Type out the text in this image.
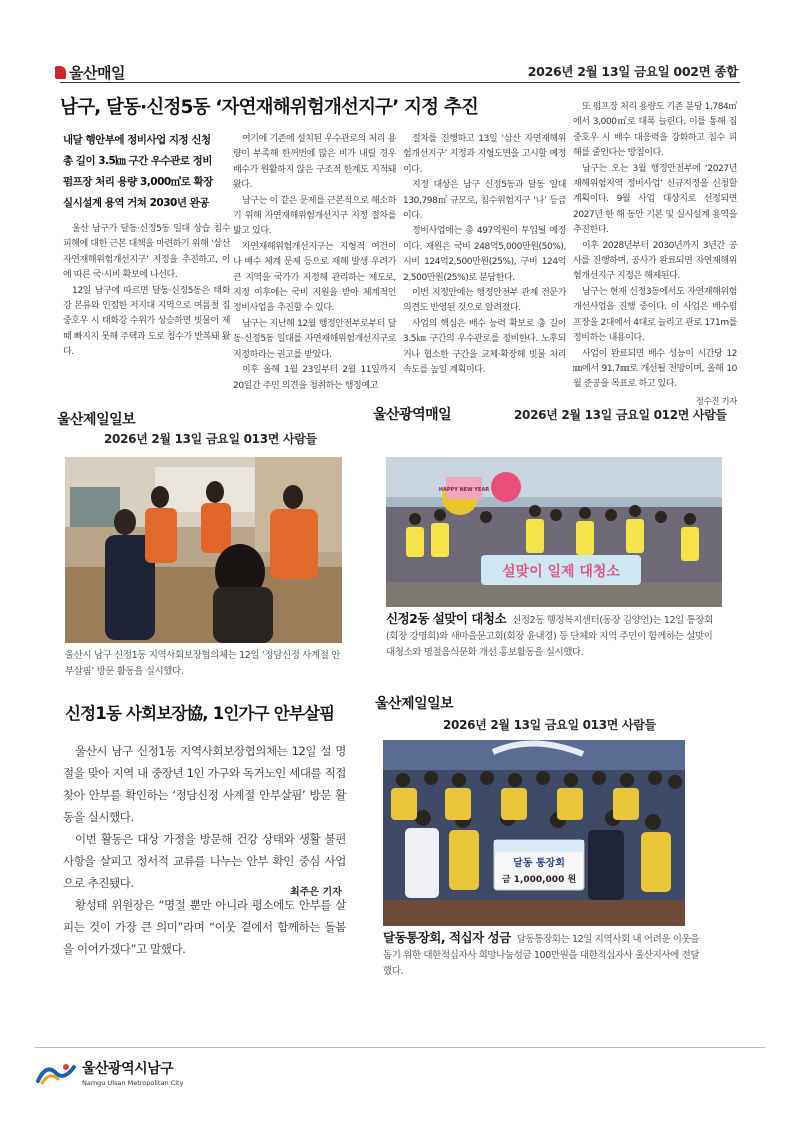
울산매일	2026년 2월 13일 금요일 002면 종합
남구, 달동·신정5동 ‘자연재해위험개선지구’ 지정 추진
내달 행안부에 정비사업 지정 신청
총 길이 3.5㎞ 구간 우수관로 정비
펌프장 처리 용량 3,000㎥로 확장
실시설계 용역 거쳐 2030년 완공

울산 남구가 달동·신정5동 일대 상습 침수 피해에 대한 근본 대책을 마련하기 위해 ‘삼산 자연재해위험개선지구’ 지정을 추진하고, 이에 따른 국·시비 확보에 나선다.

12일 남구에 따르면 달동·신정5동은 태화강 본류와 인접한 저지대 지역으로 여름철 집중호우 시 태화강 수위가 상승하면 빗물이 제때 빠지지 못해 주택과 도로 침수가 반복돼 왔다.

여기에 기존에 설치된 우수관로의 처리 용량이 부족해 한꺼번에 많은 비가 내릴 경우 배수가 원활하지 않은 구조적 한계도 지적돼 왔다.

남구는 이 같은 문제를 근본적으로 해소하기 위해 자연재해위험개선지구 지정 절차를 밟고 있다.

자연재해위험개선지구는 지형적 여건이나 배수 체계 문제 등으로 재해 발생 우려가 큰 지역을 국가가 지정해 관리하는 제도로, 지정 이후에는 국비 지원을 받아 체계적인 정비사업을 추진할 수 있다.

남구는 지난해 12월 행정안전부로부터 달동·신정5동 일대를 자연재해위험개선지구로 지정하라는 권고를 받았다.

이후 올해 1월 23일부터 2월 11일까지 20일간 주민 의견을 청취하는 행정예고

절차를 진행하고 13일 ‘삼산 자연재해위험개선지구’ 지정과 지형도면을 고시할 예정이다.

지정 대상은 남구 신정5동과 달동 일대 130,798㎡ 규모로, 침수위험지구 ‘나’ 등급이다.

정비사업에는 총 497억원이 투입될 예정이다. 재원은 국비 248억5,000만원(50%), 시비 124억2,500만원(25%), 구비 124억2,500만원(25%)로 분담한다.

이번 지정안에는 행정안전부 관계 전문가 의견도 반영된 것으로 알려졌다.

사업의 핵심은 배수 능력 확보로 총 길이 3.5㎞ 구간의 우수관로를 정비한다. 노후되거나 협소한 구간을 교체·확장해 빗물 처리 속도를 높일 계획이다.

또 펌프장 처리 용량도 기존 분당 1,784㎥에서 3,000㎥로 대폭 늘린다. 이를 통해 집중호우 시 배수 대응력을 강화하고 침수 피해를 줄인다는 방침이다.

남구는 오는 3월 행정안전부에 ‘2027년 재해위험지역 정비사업’ 신규지정을 신청할 계획이다. 9월 사업 대상지로 선정되면 2027년 한 해 동안 기본 및 실시설계 용역을 추진한다.

이후 2028년부터 2030년까지 3년간 공사를 진행하며, 공사가 완료되면 자연재해위험개선지구 지정은 해제된다.

남구는 현재 신정3동에서도 자연재해위험개선사업을 진행 중이다. 이 사업은 배수펌프장을 2대에서 4대로 늘리고 관로 171m를 정비하는 내용이다.

사업이 완료되면 배수 성능이 시간당 12㎜에서 91.7㎜로 개선될 전망이며, 올해 10월 준공을 목표로 하고 있다.

정수진 기자
울산제일일보
2026년 2월 13일 금요일 013면 사람들
울산시 남구 신정1동 지역사회보장협의체는 12일 ‘정담신정 사계절 안부살핌’ 방문 활동을 실시했다.
신정1동 사회보장協, 1인가구 안부살핌

울산시 남구 신정1동 지역사회보장협의체는 12일 설 명절을 맞아 지역 내 중장년 1인 가구와 독거노인 세대를 직접 찾아 안부를 확인하는 ‘정담신정 사계절 안부살핌’ 방문 활동을 실시했다.

이번 활동은 대상 가정을 방문해 건강 상태와 생활 불편 사항을 살피고 정서적 교류를 나누는 안부 확인 중심 사업으로 추진됐다.

황성태 위원장은 “명절 뿐만 아니라 평소에도 안부를 살피는 것이 가장 큰 의미”라며 “이웃 곁에서 함께하는 돌봄을 이어가겠다”고 말했다.

최주은 기자
울산광역매일	2026년 2월 13일 금요일 012면 사람들
설맞이 일제 대청소
HAPPY NEW YEAR
신정2동 설맞이 대청소 신정2동 행정복지센터(동장 김양언)는 12일 통장회(회장 강명희)와 새마을문고회(회장 윤내경) 등 단체와 지역 주민이 함께하는 설맞이 대청소와 명절음식문화 개선 홍보활동을 실시했다.
울산제일일보
2026년 2월 13일 금요일 013면 사람들
달동 통장회
금 1,000,000 원
달동통장회, 적십자 성금 달동통장회는 12일 지역사회 내 어려운 이웃을 돕기 위한 대한적십자사 희망나눔성금 100만원을 대한적십자사 울산지사에 전달했다.
울산광역시남구
Namgu Ulsan Metropolitan City
